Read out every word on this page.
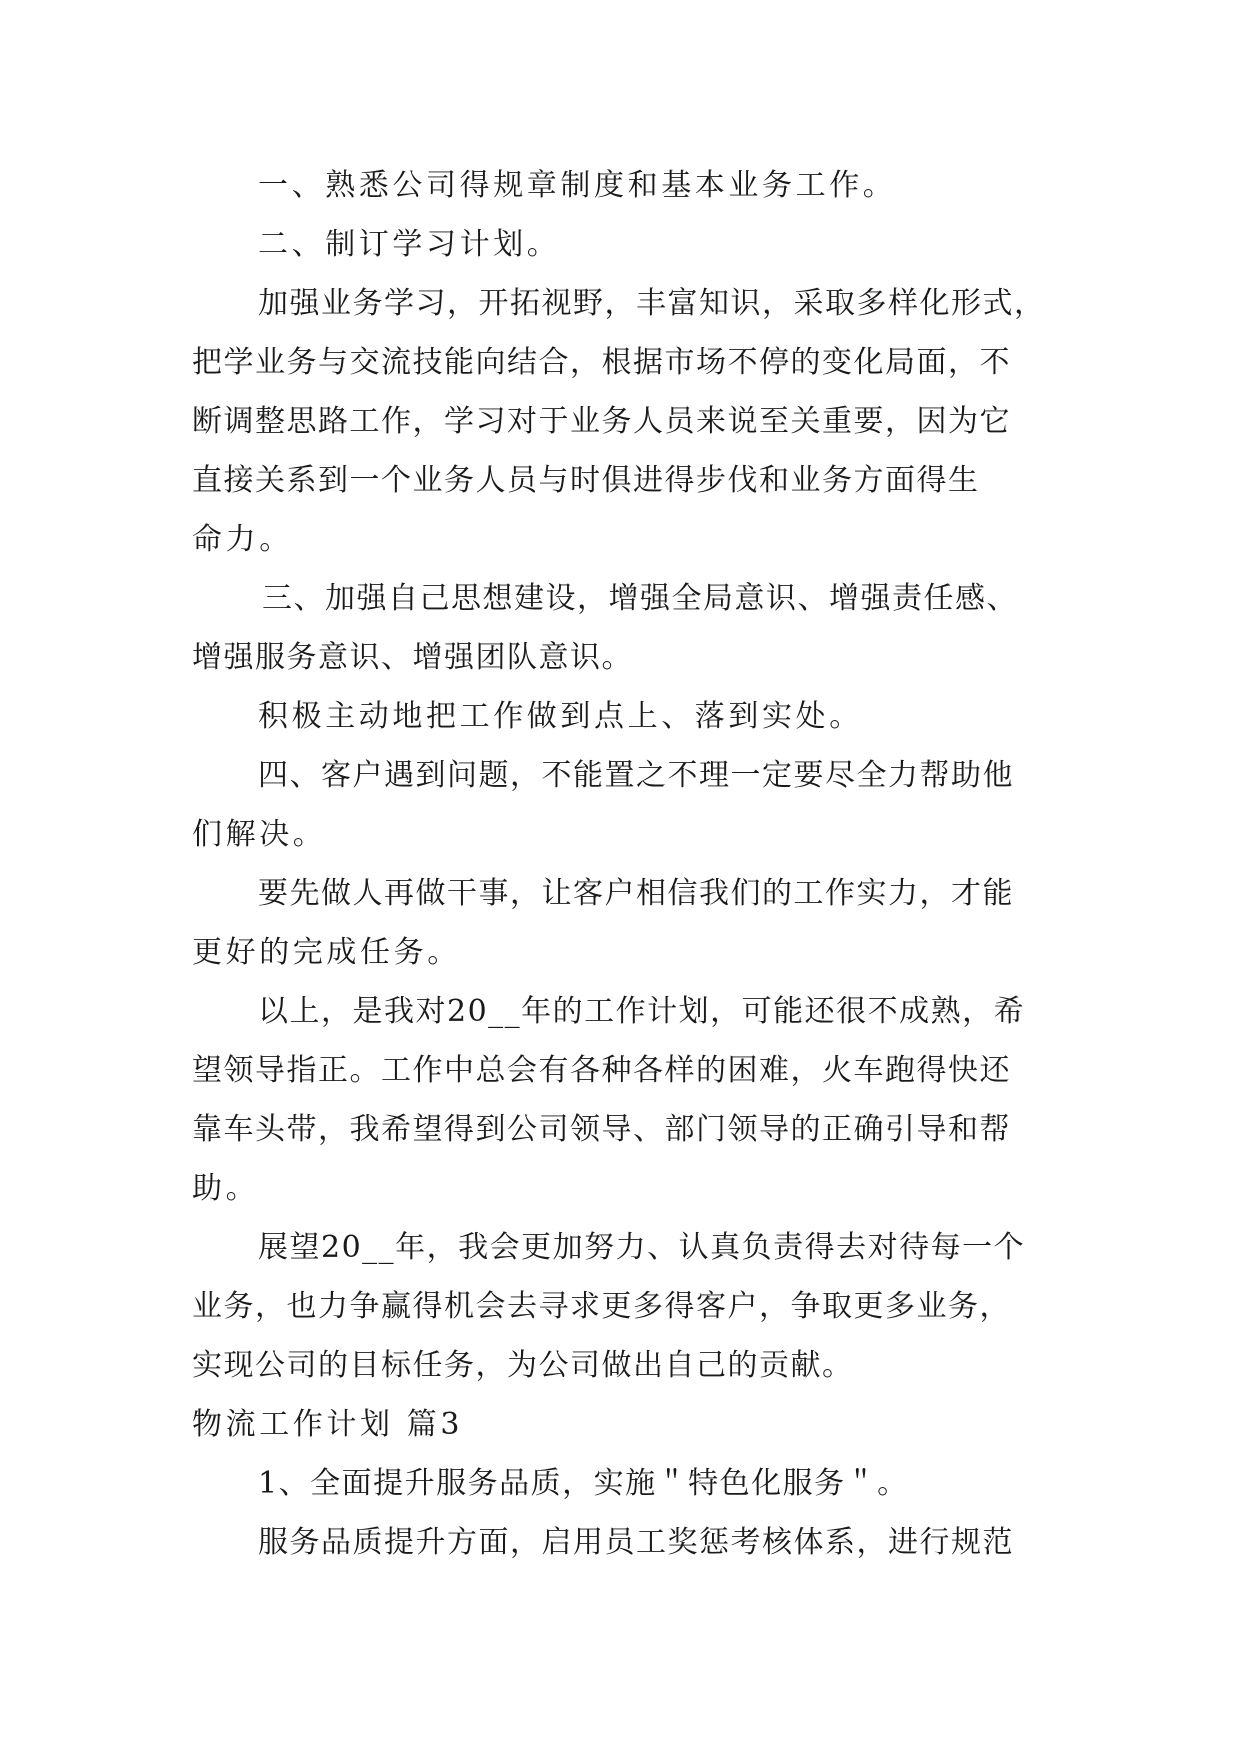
一、熟悉公司得规章制度和基本业务工作。

二、制订学习计划。

加强业务学习，开拓视野，丰富知识，采取多样化形式，

把学业务与交流技能向结合，根据市场不停的变化局面，不

断调整思路工作，学习对于业务人员来说至关重要，因为它

直接关系到一个业务人员与时俱进得步伐和业务方面得生

命力。

三、加强自己思想建设，增强全局意识、增强责任感、

增强服务意识、增强团队意识。

积极主动地把工作做到点上、落到实处。

四、客户遇到问题，不能置之不理一定要尽全力帮助他

们解决。

要先做人再做干事，让客户相信我们的工作实力，才能

更好的完成任务。

以上，是我对20__年的工作计划，可能还很不成熟，希

望领导指正。工作中总会有各种各样的困难，火车跑得快还

靠车头带，我希望得到公司领导、部门领导的正确引导和帮

助。

展望20__年，我会更加努力、认真负责得去对待每一个

业务，也力争赢得机会去寻求更多得客户，争取更多业务，

实现公司的目标任务，为公司做出自己的贡献。

物流工作计划 篇3

1、全面提升服务品质，实施＂特色化服务＂。

服务品质提升方面，启用员工奖惩考核体系，进行规范
